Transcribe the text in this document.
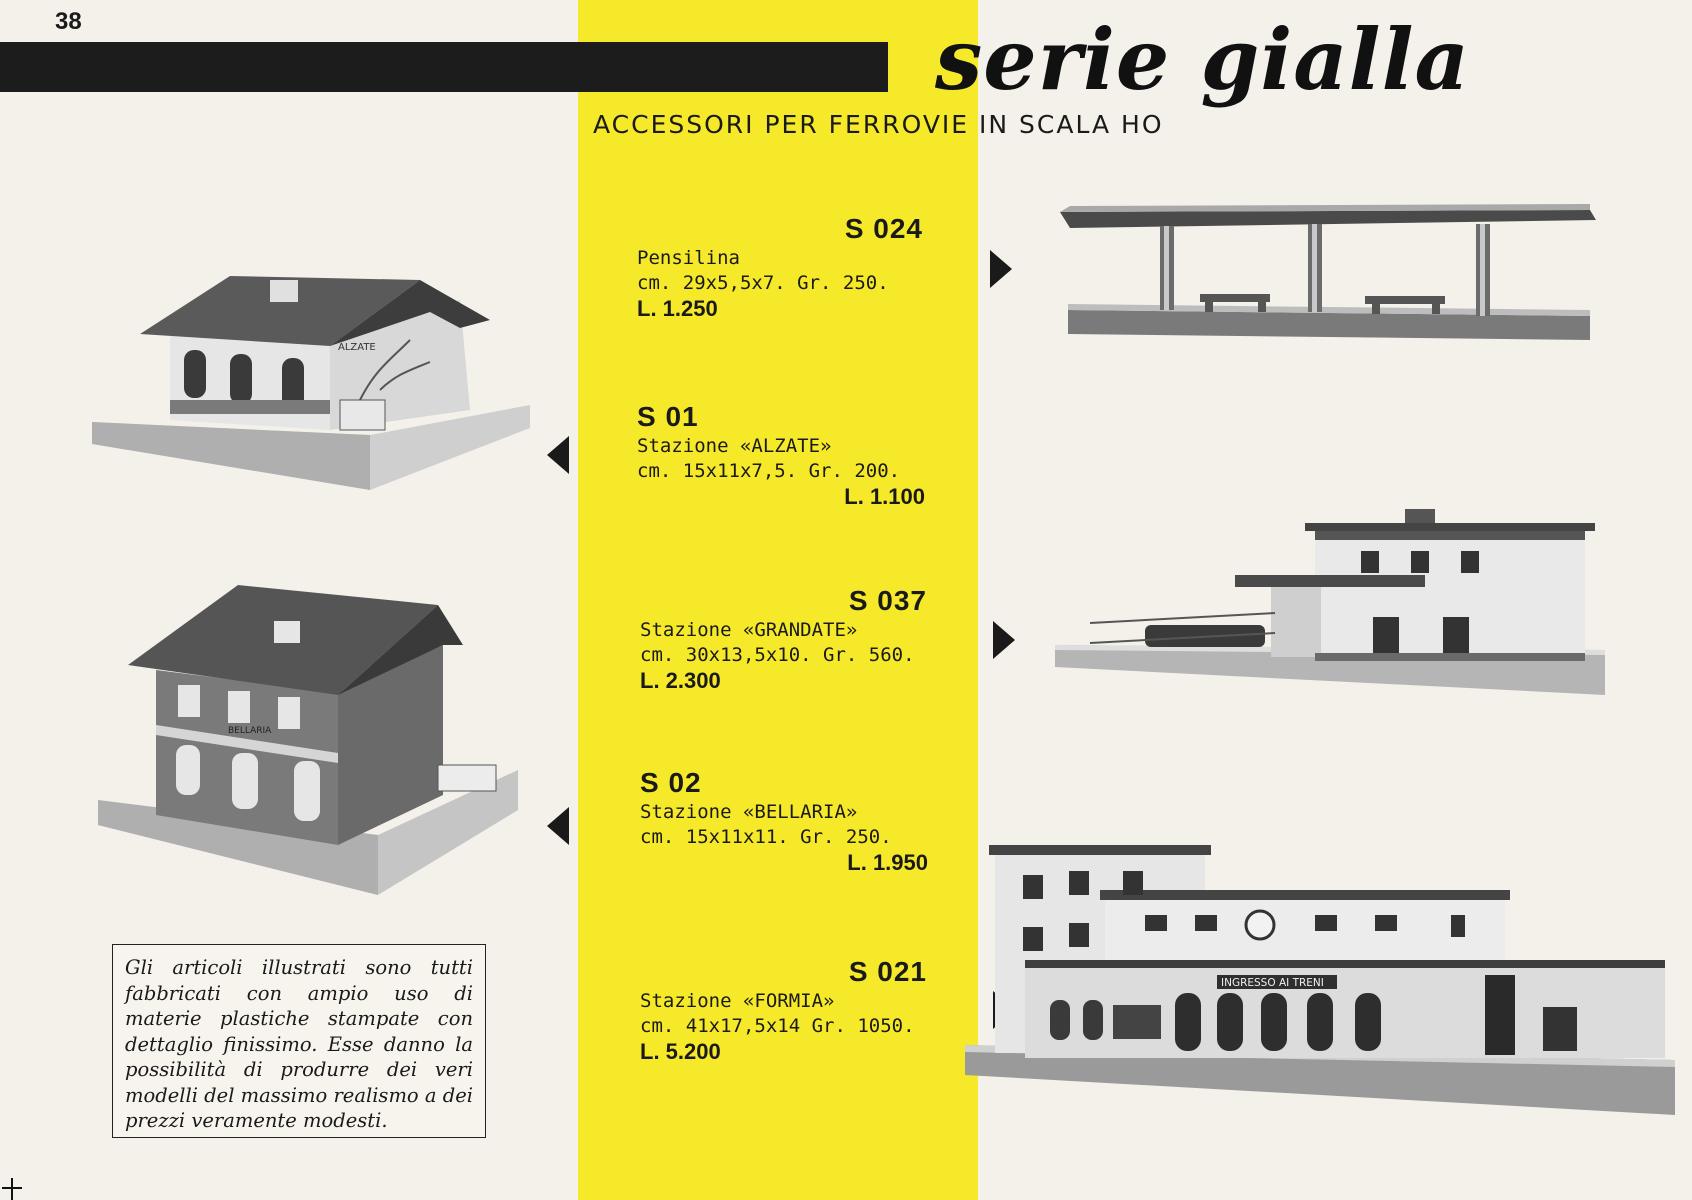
38	serie gialla
ACCESSORI PER FERROVIE IN SCALA HO
S 024
Pensilina
cm. 29x5,5x7. Gr. 250.
L. 1.250
S 01
Stazione «ALZATE»
cm. 15x11x7,5. Gr. 200.
L. 1.100
S 037
Stazione «GRANDATE»
cm. 30x13,5x10. Gr. 560.
L. 2.300
S 02
Stazione «BELLARIA»
cm. 15x11x11. Gr. 250.
L. 1.950
S 021
Stazione «FORMIA»
cm. 41x17,5x14 Gr. 1050.
L. 5.200
ALZATE
BELLARIA
INGRESSO AI TRENI
Gli articoli illustrati sono tutti fabbricati con ampio uso di materie plastiche stampate con dettaglio finissimo. Esse danno la possibilità di produrre dei veri modelli del massimo realismo a dei prezzi veramente modesti.
